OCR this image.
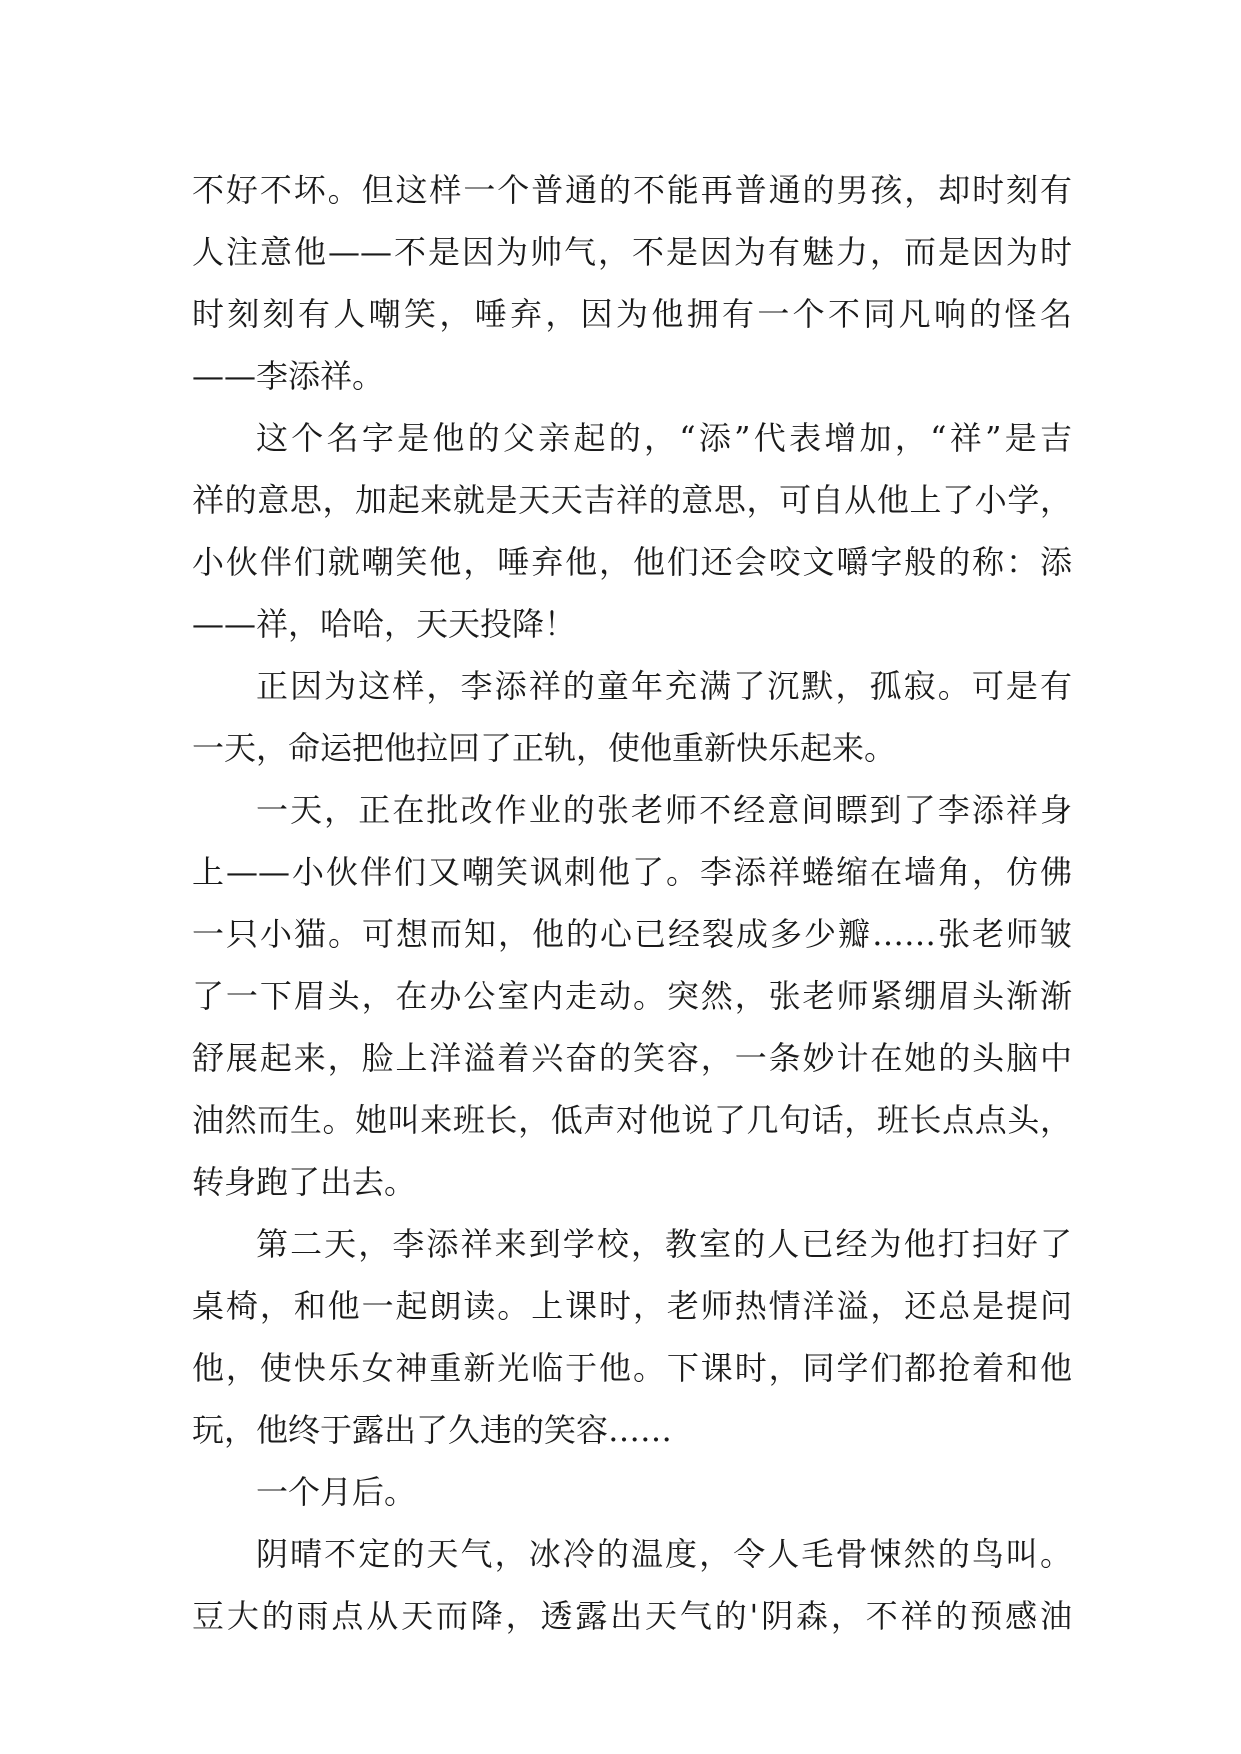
不好不坏。但这样一个普通的不能再普通的男孩，却时刻有
人注意他——不是因为帅气，不是因为有魅力，而是因为时
时刻刻有人嘲笑，唾弃，因为他拥有一个不同凡响的怪名
——李添祥。
这个名字是他的父亲起的，“添”代表增加，“祥”是吉
祥的意思，加起来就是天天吉祥的意思，可自从他上了小学，
小伙伴们就嘲笑他，唾弃他，他们还会咬文嚼字般的称：添
——祥，哈哈，天天投降！
正因为这样，李添祥的童年充满了沉默，孤寂。可是有
一天，命运把他拉回了正轨，使他重新快乐起来。
一天，正在批改作业的张老师不经意间瞟到了李添祥身
上——小伙伴们又嘲笑讽刺他了。李添祥蜷缩在墙角，仿佛
一只小猫。可想而知，他的心已经裂成多少瓣……张老师皱
了一下眉头，在办公室内走动。突然，张老师紧绷眉头渐渐
舒展起来，脸上洋溢着兴奋的笑容，一条妙计在她的头脑中
油然而生。她叫来班长，低声对他说了几句话，班长点点头，
转身跑了出去。
第二天，李添祥来到学校，教室的人已经为他打扫好了
桌椅，和他一起朗读。上课时，老师热情洋溢，还总是提问
他，使快乐女神重新光临于他。下课时，同学们都抢着和他
玩，他终于露出了久违的笑容……
一个月后。
阴晴不定的天气，冰冷的温度，令人毛骨悚然的鸟叫。
豆大的雨点从天而降，透露出天气的'阴森，不祥的预感油
